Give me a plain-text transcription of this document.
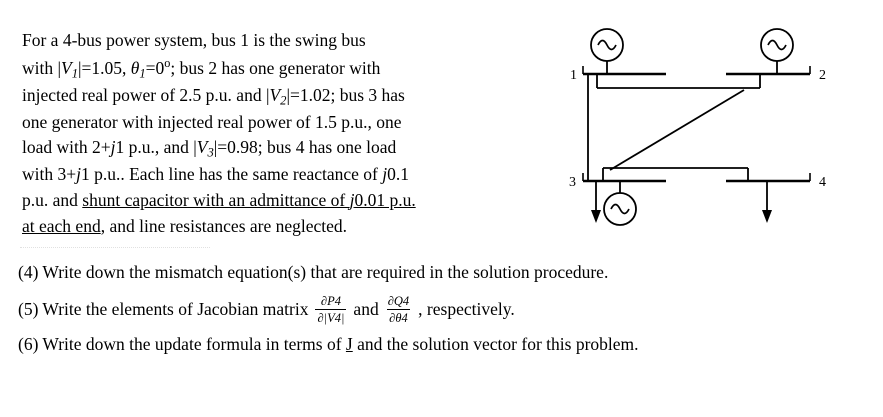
For a 4-bus power system, bus 1 is the swing bus

with $|V_1|=1.05$, $\theta_1=0^o$; bus 2 has one generator with

injected real power of 2.5 p.u. and $|V_2|=1.02$; bus 3 has

one generator with injected real power of 1.5 p.u., one

load with 2+j1 p.u., and $|V_3|=0.98$; bus 4 has one load

with 3+j1 p.u.. Each line has the same reactance of j0.1

p.u. and shunt capacitor with an admittance of j0.01 p.u.

at each end, and line resistances are neglected.

1	2
3	4
(4) Write down the mismatch equation(s) that are required in the solution procedure.
(5) Write the elements of Jacobian matrix $\frac{\partial P4}{\partial|V4|}$ and $\frac{\partial Q4}{\partial\theta 4}$ , respectively.
(6) Write down the update formula in terms of J and the solution vector for this problem.
